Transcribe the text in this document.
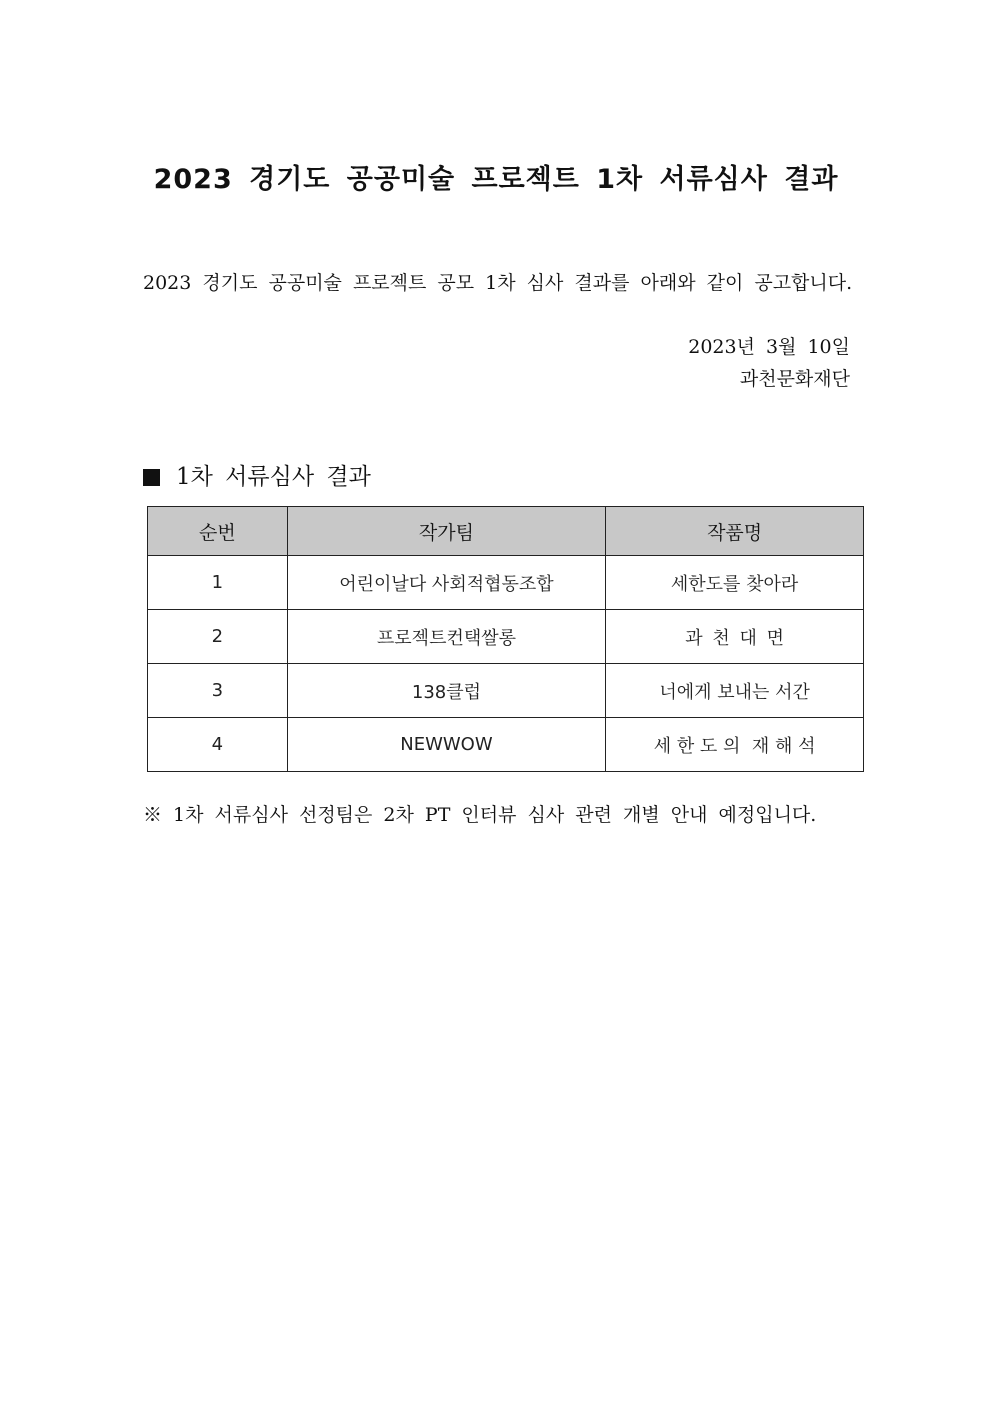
2023 경기도 공공미술 프로젝트 1차 서류심사 결과
2023 경기도 공공미술 프로젝트 공모 1차 심사 결과를 아래와 같이 공고합니다.
2023년 3월 10일
과천문화재단
1차 서류심사 결과
순번	작가팀	작품명
1	어린이날다 사회적협동조합	세한도를 찾아라
2	프로젝트컨택쌀롱	과 천 대 면
3	138클럽	너에게 보내는 서간
4	NEWWOW	세 한 도 의  재 해 석
※ 1차 서류심사 선정팀은 2차 PT 인터뷰 심사 관련 개별 안내 예정입니다.
